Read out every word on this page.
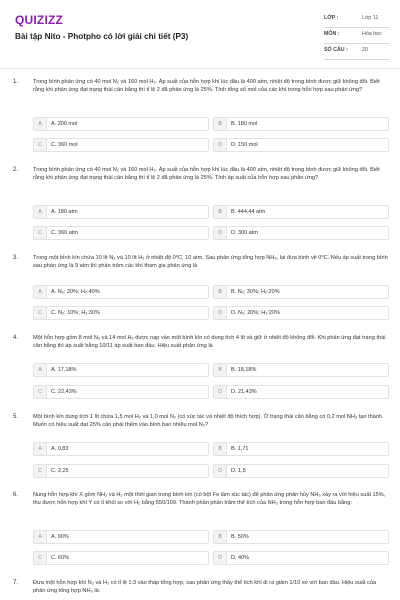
QUIZIZZ
Bài tập Nito - Photpho có lời giải chi tiết (P3)
LỚP :	Lớp 11
MÔN :	Hóa học
SỐ CÂU :	20
1.	Trong bình phản ứng có 40 mol N₂ và 160 mol H₂. Áp suất của hỗn hợp khí lúc đầu là 400 atm, nhiệt độ trong bình được giữ không đổi. Biết rằng khi phản ứng đạt trạng thái cân bằng thì tỉ lệ 2 đã phản ứng là 25%. Tính tổng số mol của các khí trong hỗn hợp sau phản ứng?
A	A. 200 mol	B	B. 180 mol
C	C. 360 mol	D	D. 150 mol
2.	Trong bình phản ứng có 40 mol N₂ và 160 mol H₂. Áp suất của hỗn hợp khí lúc đầu là 400 atm, nhiệt độ trong bình được giữ không đổi. Biết rằng khi phản ứng đạt trạng thái cân bằng thì tỉ lệ 2 đã phản ứng là 25%. Tính áp suất của hỗn hợp sau phản ứng?
A	A. 180 atm	B	B. 444,44 atm
C	C. 360 atm	D	D. 300 atm
3.	Trong một bình kín chứa 10 lít N₂ và 10 lít H₂ ở nhiệt độ 0⁰C, 10 atm. Sau phản ứng tổng hợp NH₃, lại đưa bình về 0⁰C. Nếu áp suất trong bình sau phản ứng là 9 atm thì phần trăm các khí tham gia phản ứng là
A	A. N₂: 20%; H₂:40%	B	B. N₂: 30%; H₂:20%
C	C. N₂: 10%; H₂:30%	D	D. N₂: 20%; H₂:20%
4.	Một hỗn hợp gồm 8 mol N₂ và 14 mol H₂ được nạp vào một bình kín có dung tích 4 lít và giữ ở nhiệt độ không đổi. Khi phản ứng đạt trạng thái cân bằng thì áp suất bằng 10/11 áp suất ban đầu. Hiệu suất phản ứng là
A	A. 17,18%	B	B. 18,18%
C	C. 22,43%	D	D. 21,43%
5.	Một bình kín dung tích 1 lít chứa 1,5 mol H₂ và 1,0 mol N₂ (có xúc tác và nhiệt độ thích hợp). Ở trạng thái cân bằng có 0,2 mol NH₃ tạo thành. Muốn có hiệu suất đạt 25% cần phải thêm vào bình bao nhiêu mol N₂?
A	A. 0,83	B	B. 1,71
C	C. 2,25	D	D. 1,5
6.	Nung hỗn hợp khí X gồm NH₃ và H₂ một thời gian trong bình kín (có bột Fe làm xúc tác) để phản ứng phân hủy NH₃ xảy ra với hiệu suất 15%, thu được hỗn hợp khí Y có tỉ khối so với H₂ bằng 550/109. Thành phần phần trăm thể tích của NH₃ trong hỗn hợp ban đầu bằng:
A	A. 90%	B	B. 50%
C	C. 60%	D	D. 40%
7.	Đưa một hỗn hợp khí N₂ và H₂ có tỉ lệ 1:3 vào tháp tổng hợp, sau phản ứng thấy thể tích khí đi ra giảm 1/10 so với ban đầu. Hiệu suất của phản ứng tổng hợp NH₃ là:
